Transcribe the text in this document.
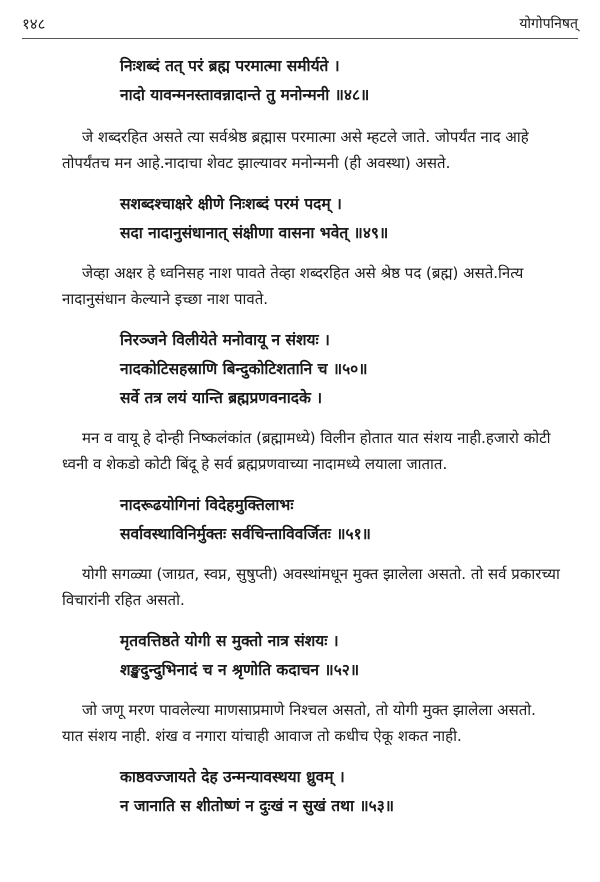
१४८	योगोपनिषत्
निःशब्दं तत् परं ब्रह्म परमात्मा समीर्यते ।
नादो यावन्मनस्तावन्नादान्ते तु मनोन्मनी ॥४८॥

जे शब्दरहित असते त्या सर्वश्रेष्ठ ब्रह्मास परमात्मा असे म्हटले जाते. जोपर्यंत नाद आहे तोपर्यंतच मन आहे.नादाचा शेवट झाल्यावर मनोन्मनी (ही अवस्था) असते.

सशब्दश्चाक्षरे क्षीणे निःशब्दं परमं पदम् ।
सदा नादानुसंधानात् संक्षीणा वासना भवेत् ॥४९॥

जेव्हा अक्षर हे ध्वनिसह नाश पावते तेव्हा शब्दरहित असे श्रेष्ठ पद (ब्रह्म) असते.नित्य नादानुसंधान केल्याने इच्छा नाश पावते.

निरञ्जने विलीयेते मनोवायू न संशयः ।
नादकोटिसहस्राणि बिन्दुकोटिशतानि च ॥५०॥
सर्वे तत्र लयं यान्ति ब्रह्मप्रणवनादके ।

मन व वायू हे दोन्ही निष्कलंकांत (ब्रह्मामध्ये) विलीन होतात यात संशय नाही.हजारो कोटी ध्वनी व शेकडो कोटी बिंदू हे सर्व ब्रह्मप्रणवाच्या नादामध्ये लयाला जातात.

नादरूढयोगिनां विदेहमुक्तिलाभः
सर्वावस्थाविनिर्मुक्तः सर्वचिन्ताविवर्जितः ॥५१॥

योगी सगळ्या (जाग्रत, स्वप्न, सुषुप्ती) अवस्थांमधून मुक्त झालेला असतो. तो सर्व प्रकारच्या विचारांनी रहित असतो.

मृतवत्तिष्ठते योगी स मुक्तो नात्र संशयः ।
शङ्खदुन्दुभिनादं च न श्रृणोति कदाचन ॥५२॥

जो जणू मरण पावलेल्या माणसाप्रमाणे निश्चल असतो, तो योगी मुक्त झालेला असतो. यात संशय नाही. शंख व नगारा यांचाही आवाज तो कधीच ऐकू शकत नाही.

काष्ठवज्जायते देह उन्मन्यावस्थया ध्रुवम् ।
न जानाति स शीतोष्णं न दुःखं न सुखं तथा ॥५३॥
